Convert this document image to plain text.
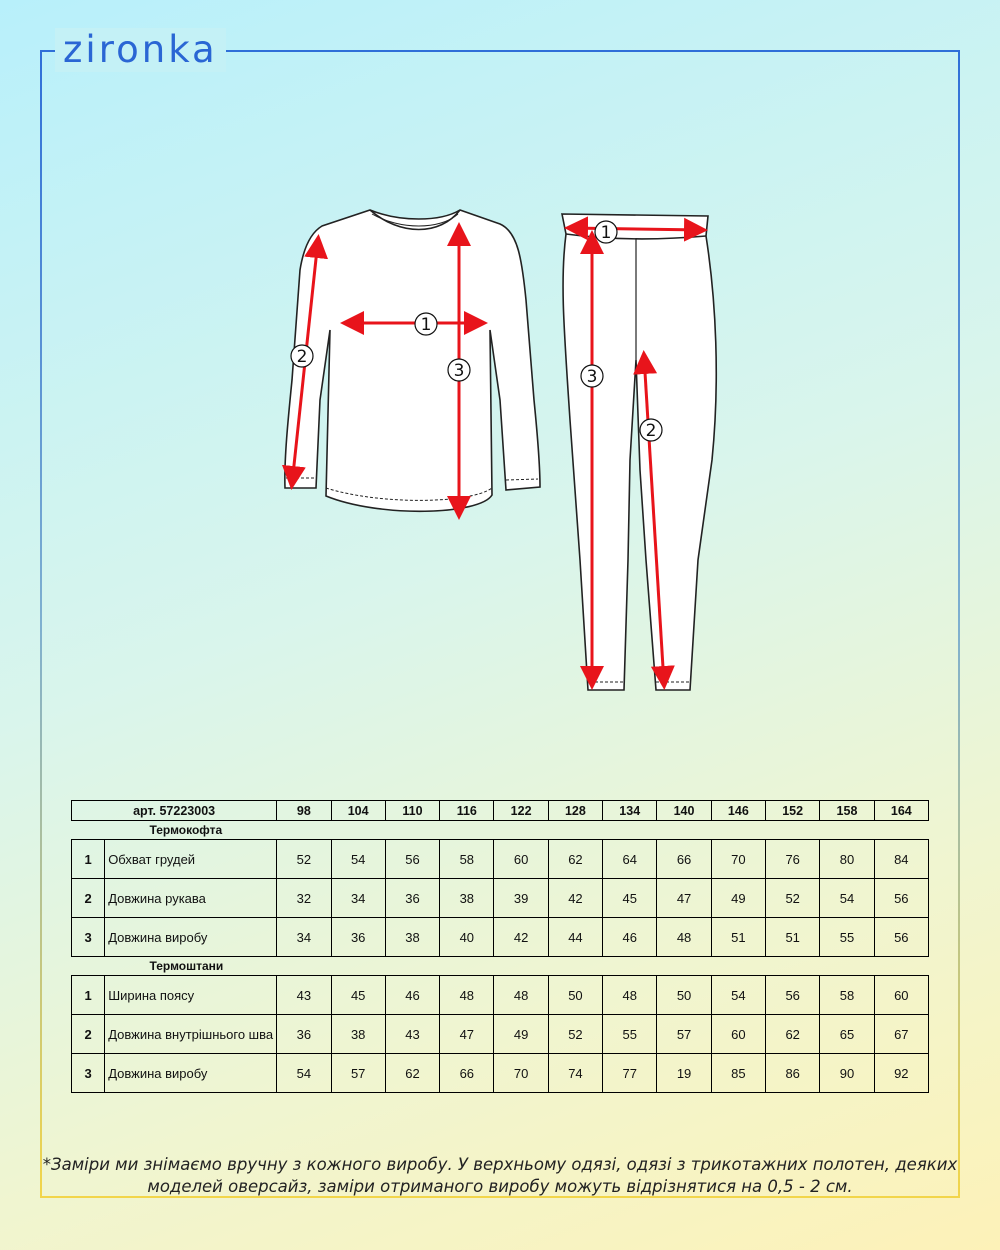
zironka
1
2
3
1
2
3
арт. 57223003		98	104	110	116	122	128	134	140	146	152	158	164
Термокофта													
1	Обхват грудей	52	54	56	58	60	62	64	66	70	76	80	84
2	Довжина рукава	32	34	36	38	39	42	45	47	49	52	54	56
3	Довжина виробу	34	36	38	40	42	44	46	48	51	51	55	56
Термоштани													
1	Ширина поясу	43	45	46	48	48	50	48	50	54	56	58	60
2	Довжина внутрішнього шва	36	38	43	47	49	52	55	57	60	62	65	67
3	Довжина виробу	54	57	62	66	70	74	77	19	85	86	90	92
*Заміри ми знімаємо вручну з кожного виробу. У верхньому одязі, одязі з трикотажних полотен, деяких моделей оверсайз, заміри отриманого виробу можуть відрізнятися на 0,5 - 2 см.
